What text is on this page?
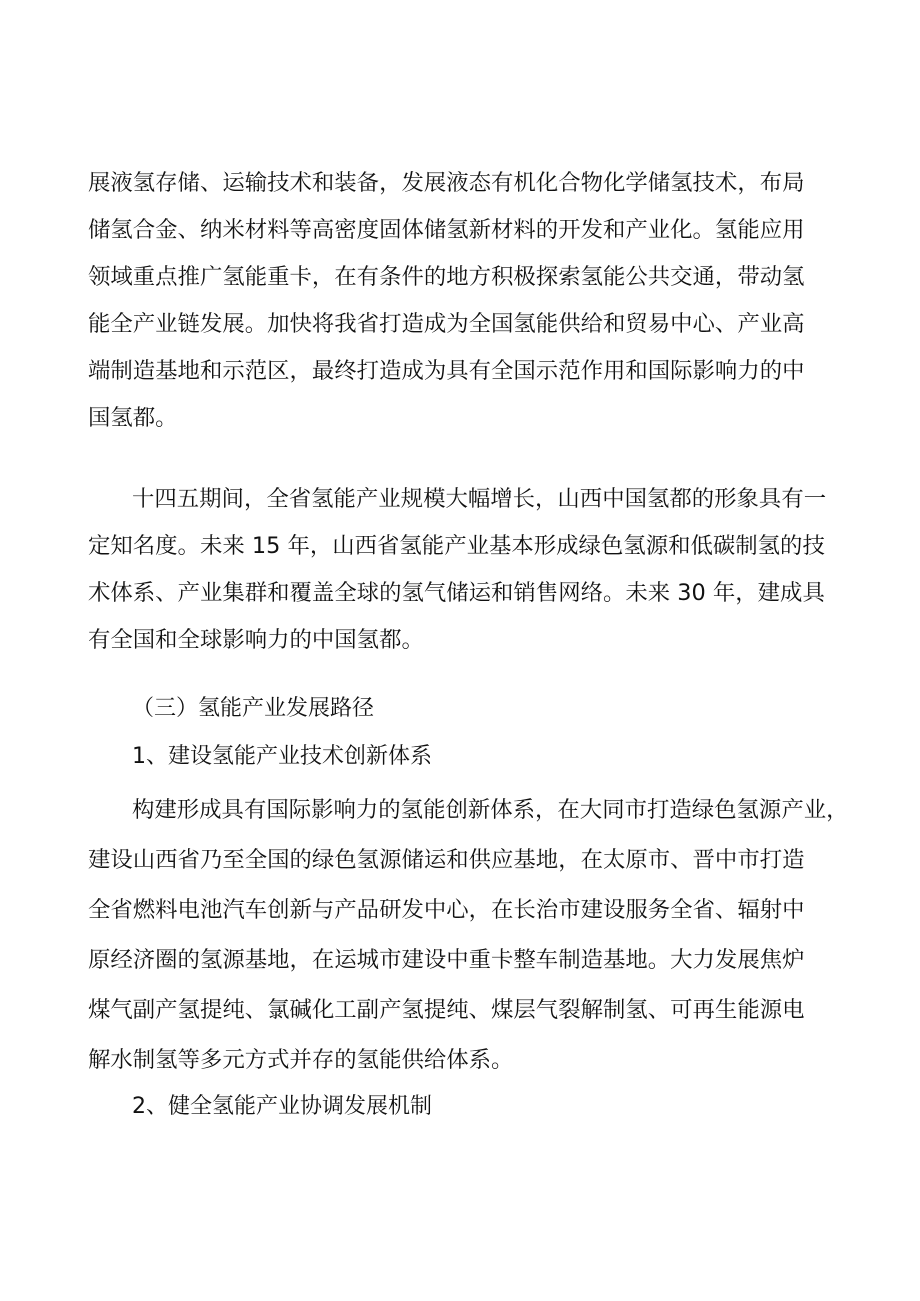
展液氢存储、运输技术和装备，发展液态有机化合物化学储氢技术，布局
储氢合金、纳米材料等高密度固体储氢新材料的开发和产业化。氢能应用
领域重点推广氢能重卡，在有条件的地方积极探索氢能公共交通，带动氢
能全产业链发展。加快将我省打造成为全国氢能供给和贸易中心、产业高
端制造基地和示范区，最终打造成为具有全国示范作用和国际影响力的中
国氢都。
十四五期间，全省氢能产业规模大幅增长，山西中国氢都的形象具有一
定知名度。未来 15 年，山西省氢能产业基本形成绿色氢源和低碳制氢的技
术体系、产业集群和覆盖全球的氢气储运和销售网络。未来 30 年，建成具
有全国和全球影响力的中国氢都。
（三）氢能产业发展路径
1、建设氢能产业技术创新体系
构建形成具有国际影响力的氢能创新体系，在大同市打造绿色氢源产业，
建设山西省乃至全国的绿色氢源储运和供应基地，在太原市、晋中市打造
全省燃料电池汽车创新与产品研发中心，在长治市建设服务全省、辐射中
原经济圈的氢源基地，在运城市建设中重卡整车制造基地。大力发展焦炉
煤气副产氢提纯、氯碱化工副产氢提纯、煤层气裂解制氢、可再生能源电
解水制氢等多元方式并存的氢能供给体系。
2、健全氢能产业协调发展机制
